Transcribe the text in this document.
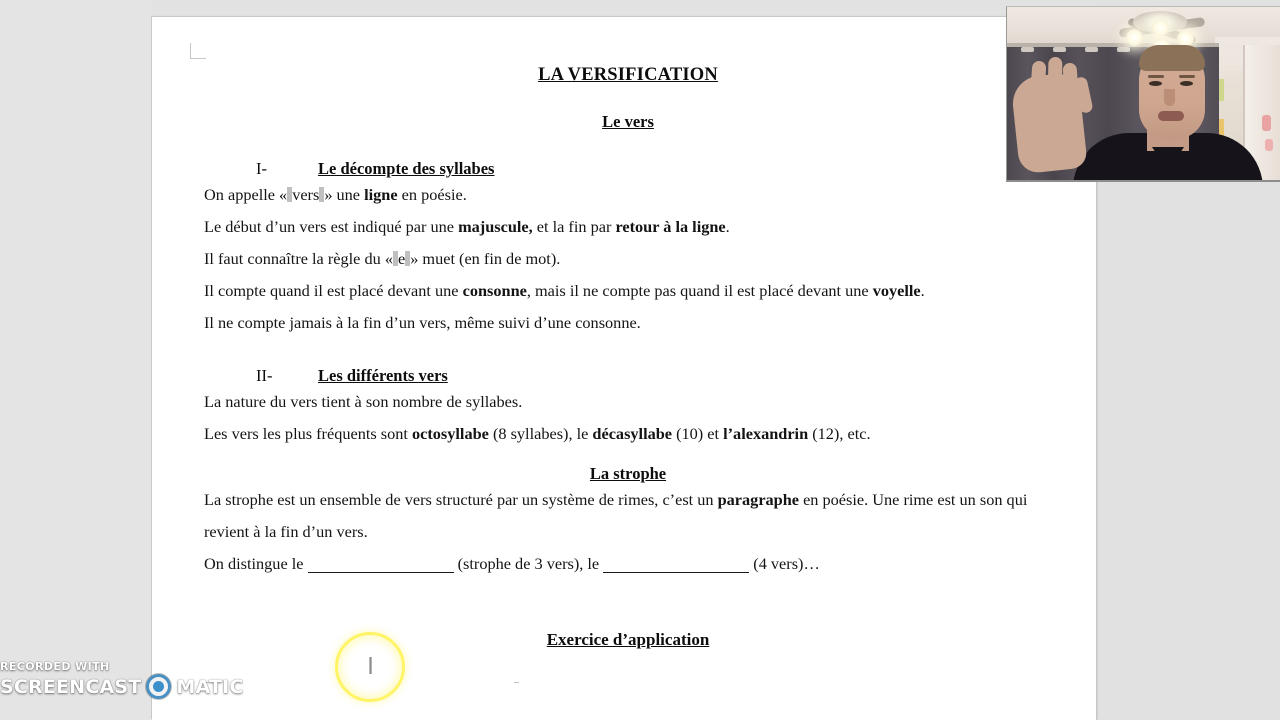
LA VERSIFICATION
Le vers
I-	Le décompte des syllabes

On appelle « vers » une ligne en poésie.

Le début d’un vers est indiqué par une majuscule, et la fin par retour à la ligne.

Il faut connaître la règle du « e » muet (en fin de mot).

Il compte quand il est placé devant une consonne, mais il ne compte pas quand il est placé devant une voyelle.

Il ne compte jamais à la fin d’un vers, même suivi d’une consonne.

II-	Les différents vers

La nature du vers tient à son nombre de syllabes.

Les vers les plus fréquents sont octosyllabe (8 syllabes), le décasyllabe (10) et l’alexandrin (12), etc.

La strophe

La strophe est un ensemble de vers structuré par un système de rimes, c’est un paragraphe en poésie. Une rime est un son qui revient à la fin d’un vers.

On distingue le	(strophe de 3 vers), le	(4 vers)…

Exercice d’application

I
RECORDED WITH
SCREENCAST MATIC
